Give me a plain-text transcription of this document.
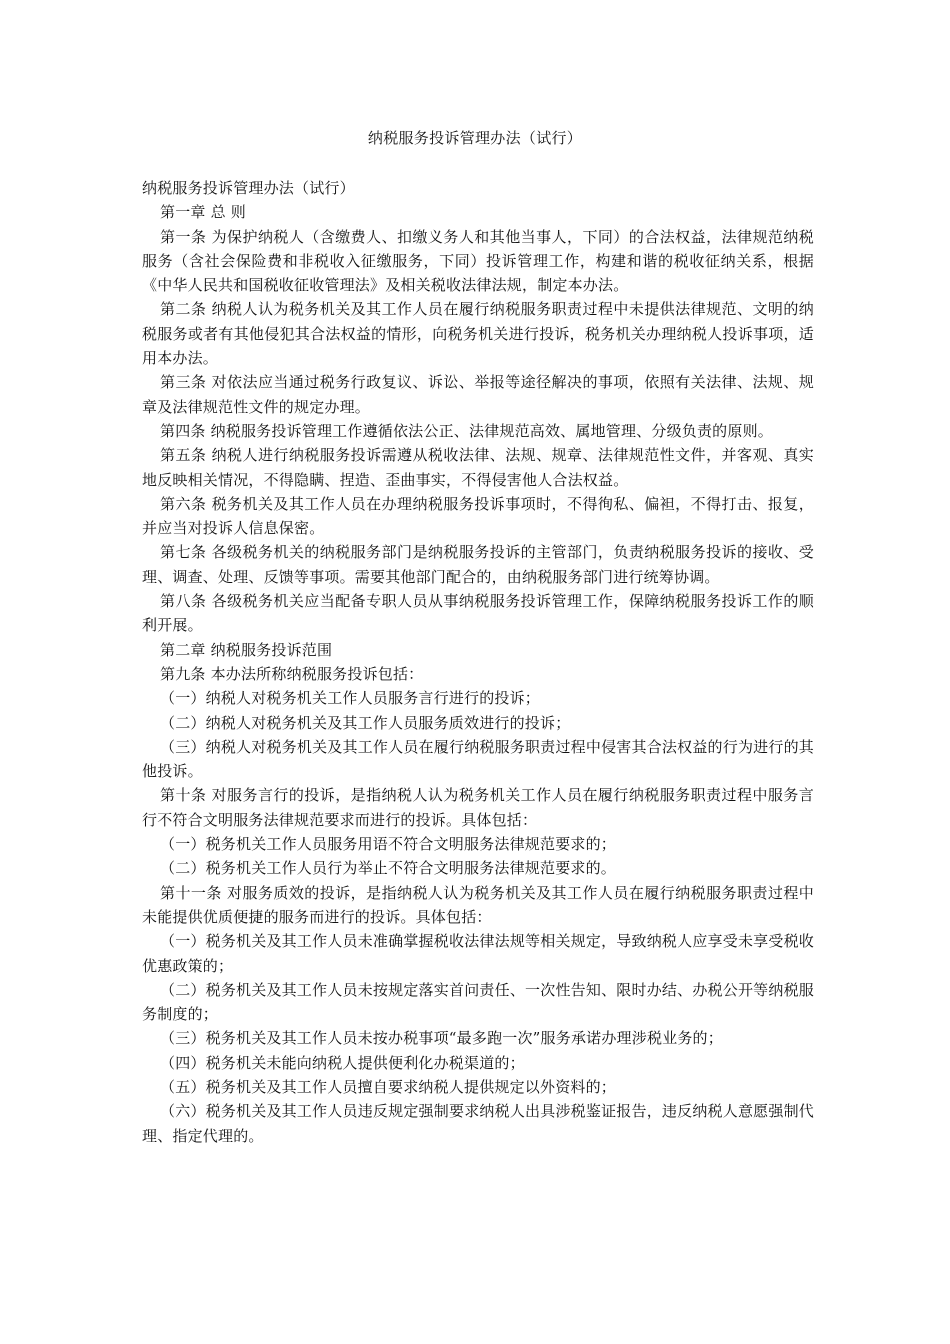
纳税服务投诉管理办法（试行）

纳税服务投诉管理办法（试行）

第一章 总 则

第一条 为保护纳税人（含缴费人、扣缴义务人和其他当事人，下同）的合法权益，法律规范纳税服务（含社会保险费和非税收入征缴服务，下同）投诉管理工作，构建和谐的税收征纳关系，根据《中华人民共和国税收征收管理法》及相关税收法律法规，制定本办法。

第二条 纳税人认为税务机关及其工作人员在履行纳税服务职责过程中未提供法律规范、文明的纳税服务或者有其他侵犯其合法权益的情形，向税务机关进行投诉，税务机关办理纳税人投诉事项，适用本办法。

第三条 对依法应当通过税务行政复议、诉讼、举报等途径解决的事项，依照有关法律、法规、规章及法律规范性文件的规定办理。

第四条 纳税服务投诉管理工作遵循依法公正、法律规范高效、属地管理、分级负责的原则。

第五条 纳税人进行纳税服务投诉需遵从税收法律、法规、规章、法律规范性文件，并客观、真实地反映相关情况，不得隐瞒、捏造、歪曲事实，不得侵害他人合法权益。

第六条 税务机关及其工作人员在办理纳税服务投诉事项时，不得徇私、偏袒，不得打击、报复，并应当对投诉人信息保密。

第七条 各级税务机关的纳税服务部门是纳税服务投诉的主管部门，负责纳税服务投诉的接收、受理、调查、处理、反馈等事项。需要其他部门配合的，由纳税服务部门进行统筹协调。

第八条 各级税务机关应当配备专职人员从事纳税服务投诉管理工作，保障纳税服务投诉工作的顺利开展。

第二章 纳税服务投诉范围

第九条 本办法所称纳税服务投诉包括：

（一）纳税人对税务机关工作人员服务言行进行的投诉；

（二）纳税人对税务机关及其工作人员服务质效进行的投诉；

（三）纳税人对税务机关及其工作人员在履行纳税服务职责过程中侵害其合法权益的行为进行的其他投诉。

第十条 对服务言行的投诉，是指纳税人认为税务机关工作人员在履行纳税服务职责过程中服务言行不符合文明服务法律规范要求而进行的投诉。具体包括：

（一）税务机关工作人员服务用语不符合文明服务法律规范要求的；

（二）税务机关工作人员行为举止不符合文明服务法律规范要求的。

第十一条 对服务质效的投诉，是指纳税人认为税务机关及其工作人员在履行纳税服务职责过程中未能提供优质便捷的服务而进行的投诉。具体包括：

（一）税务机关及其工作人员未准确掌握税收法律法规等相关规定，导致纳税人应享受未享受税收优惠政策的；

（二）税务机关及其工作人员未按规定落实首问责任、一次性告知、限时办结、办税公开等纳税服务制度的；

（三）税务机关及其工作人员未按办税事项“最多跑一次”服务承诺办理涉税业务的；

（四）税务机关未能向纳税人提供便利化办税渠道的；

（五）税务机关及其工作人员擅自要求纳税人提供规定以外资料的；

（六）税务机关及其工作人员违反规定强制要求纳税人出具涉税鉴证报告，违反纳税人意愿强制代理、指定代理的。
